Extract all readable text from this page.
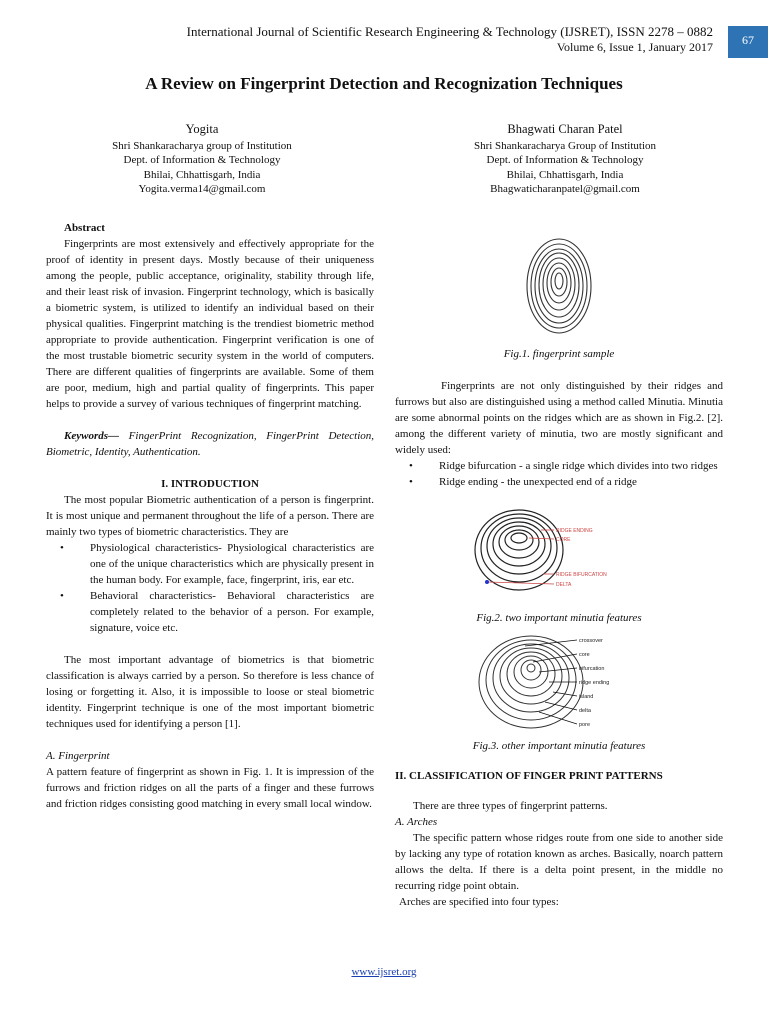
International Journal of Scientific Research Engineering & Technology (IJSRET), ISSN 2278 – 0882
Volume 6, Issue 1, January 2017	67
A Review on Fingerprint Detection and Recognization Techniques
Yogita
Shri Shankaracharya group of Institution
Dept. of Information & Technology
Bhilai, Chhattisgarh, India
Yogita.verma14@gmail.com
Bhagwati Charan Patel
Shri Shankaracharya Group of Institution
Dept. of Information & Technology
Bhilai, Chhattisgarh, India
Bhagwaticharanpatel@gmail.com
Abstract

Fingerprints are most extensively and effectively appropriate for the proof of identity in present days. Mostly because of their uniqueness among the people, public acceptance, originality, stability through life, and their least risk of invasion. Fingerprint technology, which is basically a biometric system, is utilized to identify an individual based on their physical qualities. Fingerprint matching is the trendiest biometric method appropriate to provide authentication. Fingerprint verification is one of the most trustable biometric security system in the world of computers. There are different qualities of fingerprints are available. Some of them are poor, medium, high and partial quality of fingerprints. This paper helps to provide a survey of various techniques of fingerprint matching.

Keywords— FingerPrint Recognization, FingerPrint Detection, Biometric, Identity, Authentication.

I. INTRODUCTION

The most popular Biometric authentication of a person is fingerprint. It is most unique and permanent throughout the life of a person. There are mainly two types of biometric characteristics. They are

• Physiological characteristics- Physiological characteristics are one of the unique characteristics which are physically present in the human body. For example, face, fingerprint, iris, ear etc.
• Behavioral characteristics- Behavioral characteristics are completely related to the behavior of a person. For example, signature, voice etc.

The most important advantage of biometrics is that biometric classification is always carried by a person. So therefore is less chance of losing or forgetting it. Also, it is impossible to loose or steal biometric identity. Fingerprint technique is one of the most important biometric techniques used for identifying a person [1].

A. Fingerprint

A pattern feature of fingerprint as shown in Fig. 1. It is impression of the furrows and friction ridges on all the parts of a finger and these furrows and friction ridges consisting good matching in every small local window.

Fig.1. fingerprint sample

Fingerprints are not only distinguished by their ridges and furrows but also are distinguished using a method called Minutia. Minutia are some abnormal points on the ridges which are as shown in Fig.2. [2]. among the different variety of minutia, two are mostly significant and widely used:

• Ridge bifurcation - a single ridge which divides into two ridges
• Ridge ending - the unexpected end of a ridge
RIDGE ENDING
CORE
RIDGE BIFURCATION
DELTA
Fig.2. two important minutia features
crossover
core
bifurcation
ridge ending
island
delta
pore
Fig.3. other important minutia features
II. CLASSIFICATION OF FINGER PRINT PATTERNS

There are three types of fingerprint patterns.

A. Arches

The specific pattern whose ridges route from one side to another side by lacking any type of rotation known as arches. Basically, noarch pattern allows the delta. If there is a delta point present, in the middle no recurring ridge point obtain.

Arches are specified into four types:

www.ijsret.org
